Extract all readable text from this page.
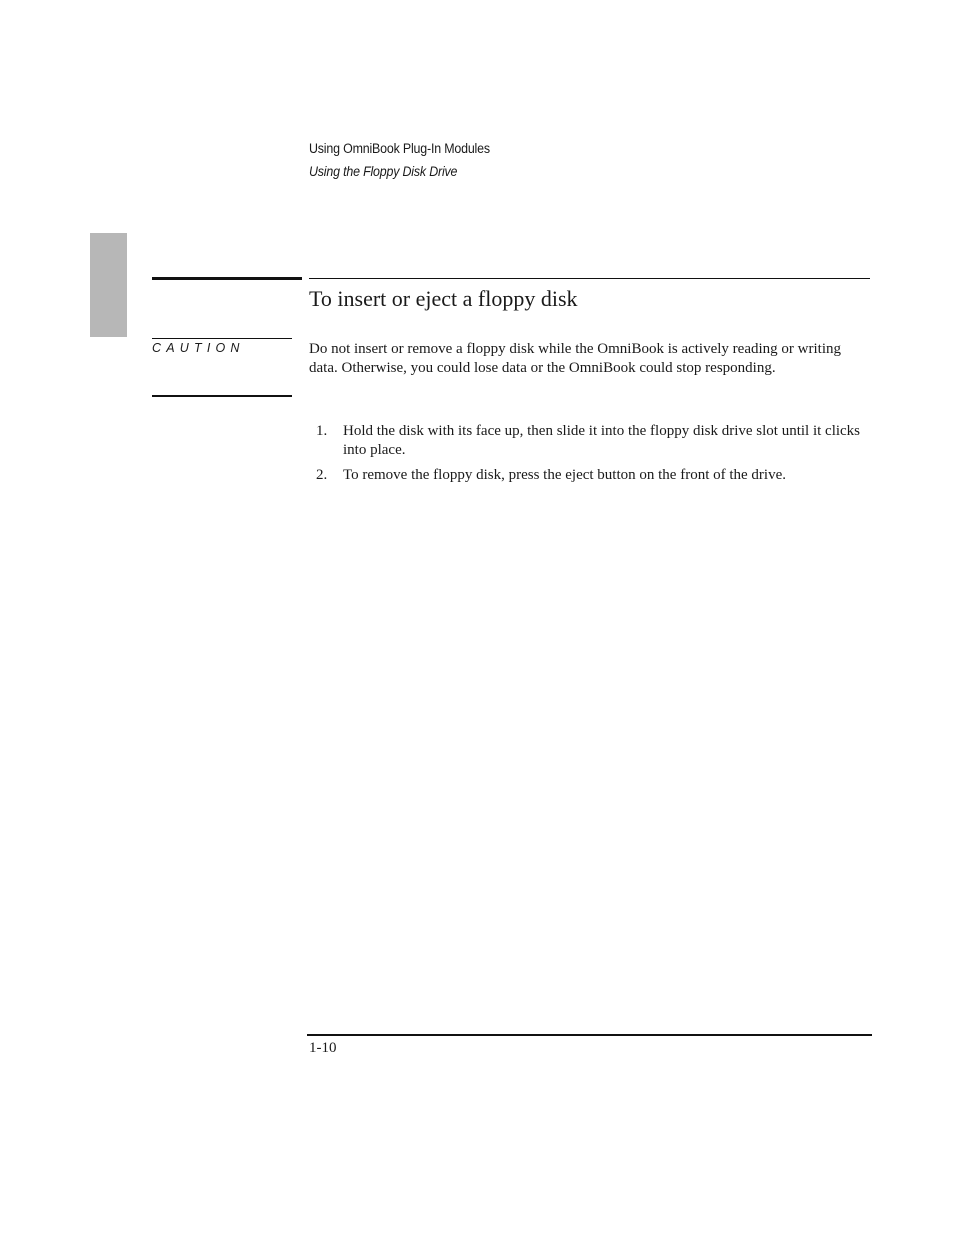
Using OmniBook Plug-In Modules
Using the Floppy Disk Drive
To insert or eject a floppy disk
CAUTION	Do not insert or remove a floppy disk while the OmniBook is actively reading or writing data. Otherwise, you could lose data or the OmniBook could stop responding.
1.	Hold the disk with its face up, then slide it into the floppy disk drive slot until it clicks into place.
2.	To remove the floppy disk, press the eject button on the front of the drive.
1-10
